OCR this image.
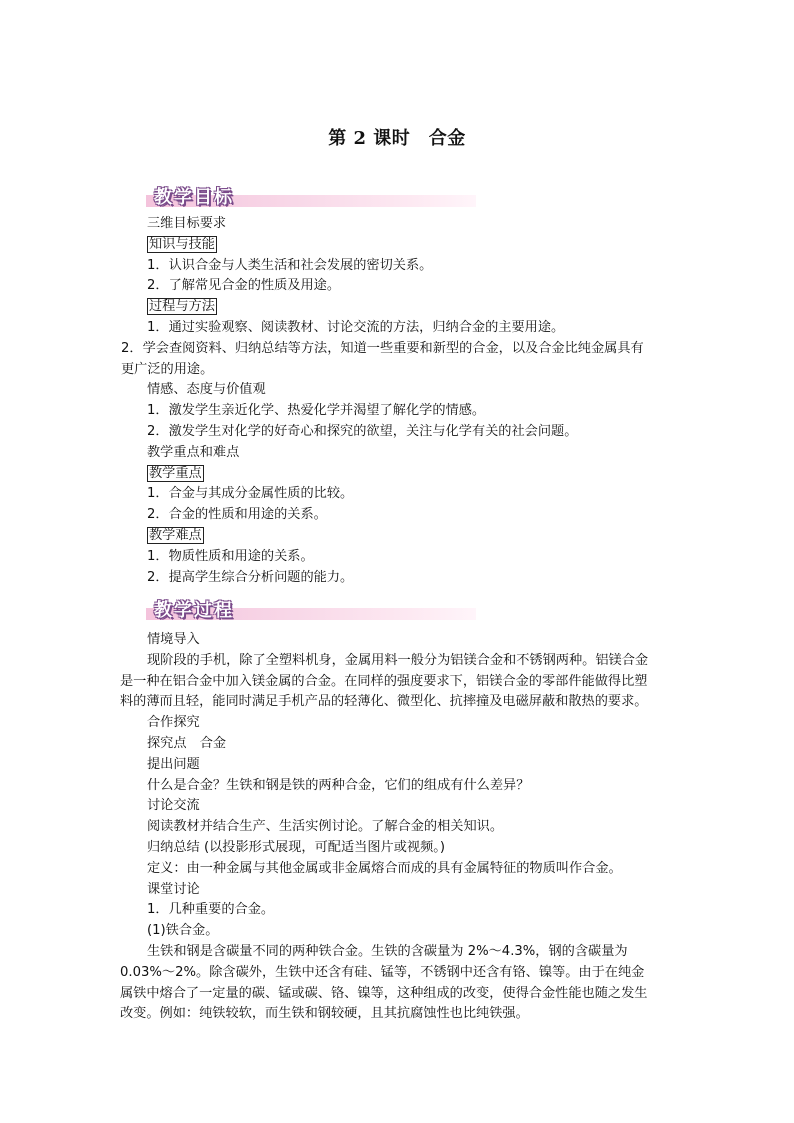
第 2 课时　合金
教学目标

三维目标要求

知识与技能

1．认识合金与人类生活和社会发展的密切关系。

2．了解常见合金的性质及用途。

过程与方法

1．通过实验观察、阅读教材、讨论交流的方法，归纳合金的主要用途。

2．学会查阅资料、归纳总结等方法，知道一些重要和新型的合金，以及合金比纯金属具有更广泛的用途。

情感、态度与价值观

1．激发学生亲近化学、热爱化学并渴望了解化学的情感。

2．激发学生对化学的好奇心和探究的欲望，关注与化学有关的社会问题。

教学重点和难点

教学重点

1．合金与其成分金属性质的比较。

2．合金的性质和用途的关系。

教学难点

1．物质性质和用途的关系。

2．提高学生综合分析问题的能力。

教学过程

情境导入

现阶段的手机，除了全塑料机身，金属用料一般分为铝镁合金和不锈钢两种。铝镁合金是一种在铝合金中加入镁金属的合金。在同样的强度要求下，铝镁合金的零部件能做得比塑料的薄而且轻，能同时满足手机产品的轻薄化、微型化、抗摔撞及电磁屏蔽和散热的要求。

合作探究

探究点　合金

提出问题

什么是合金？生铁和钢是铁的两种合金，它们的组成有什么差异？

讨论交流

阅读教材并结合生产、生活实例讨论。了解合金的相关知识。

归纳总结 (以投影形式展现，可配适当图片或视频。)

定义：由一种金属与其他金属或非金属熔合而成的具有金属特征的物质叫作合金。

课堂讨论

1．几种重要的合金。

(1)铁合金。

生铁和钢是含碳量不同的两种铁合金。生铁的含碳量为 2%～4.3%，钢的含碳量为 0.03%～2%。除含碳外，生铁中还含有硅、锰等，不锈钢中还含有铬、镍等。由于在纯金属铁中熔合了一定量的碳、锰或碳、铬、镍等，这种组成的改变，使得合金性能也随之发生改变。例如：纯铁较软，而生铁和钢较硬，且其抗腐蚀性也比纯铁强。
